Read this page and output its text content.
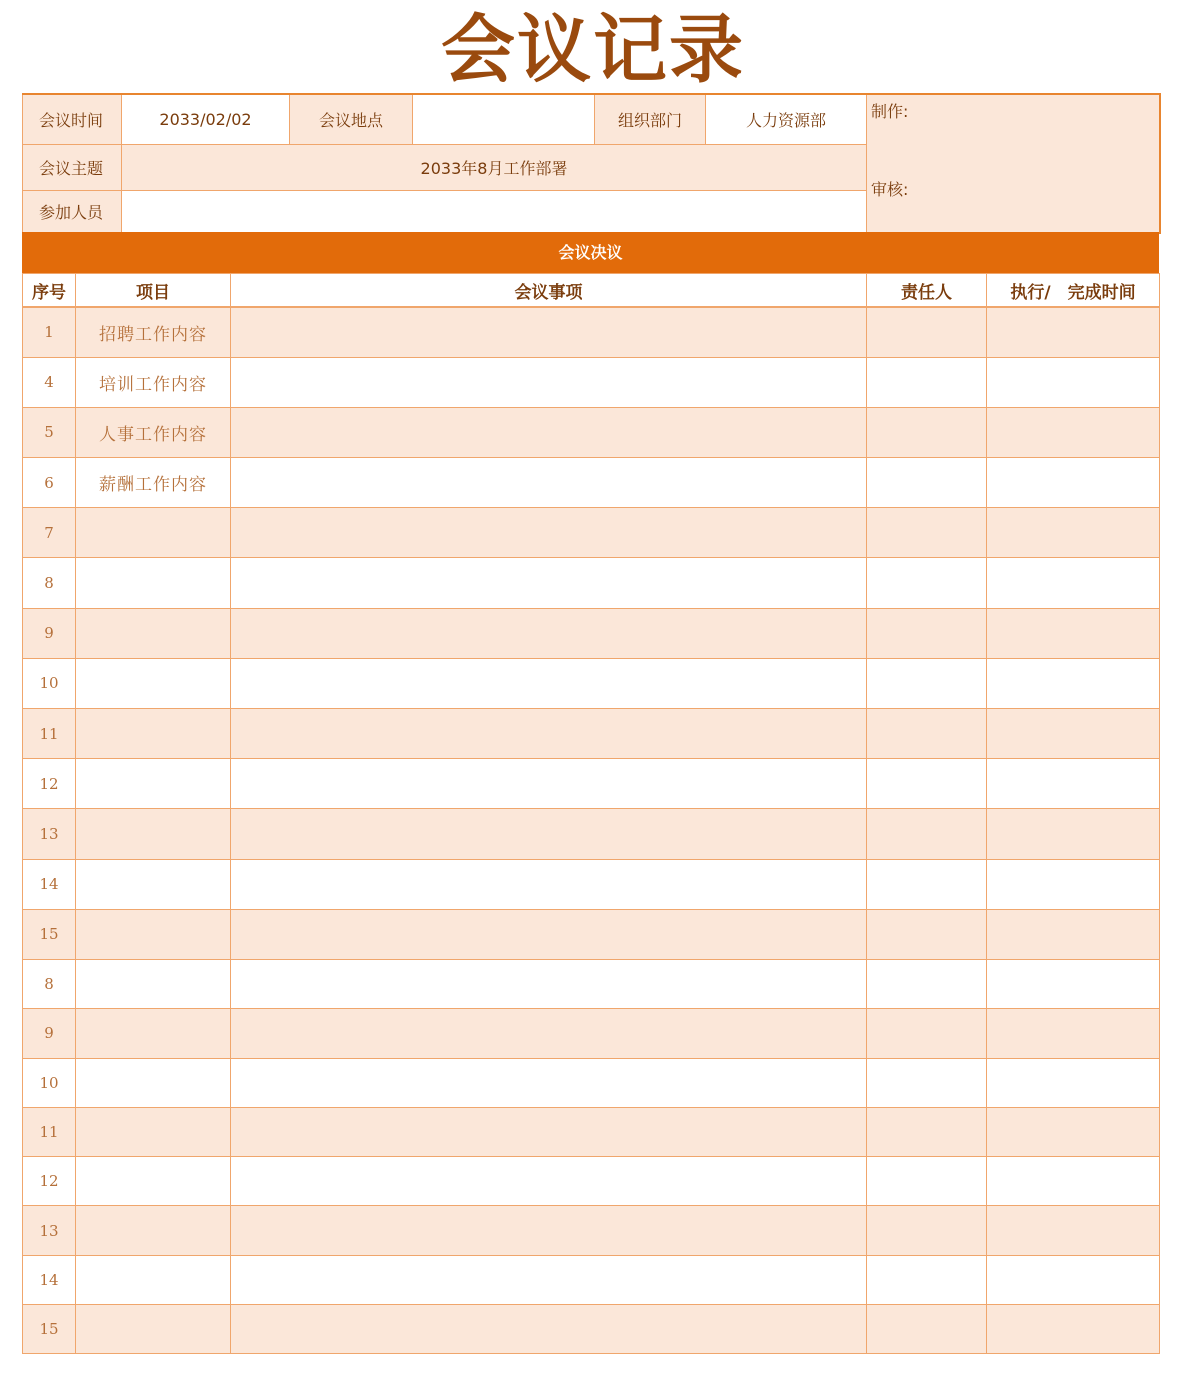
会议记录
会议时间	2033/02/02	会议地点		组织部门	人力资源部	制作:
审核:

会议主题	2033年8月工作部署					
参加人员						
会议决议
序号	项目	会议事项	责任人	执行/　完成时间
1	招聘工作内容			
4	培训工作内容			
5	人事工作内容			
6	薪酬工作内容			
7				
8				
9				
10				
11				
12				
13				
14				
15				
8				
9				
10				
11				
12				
13				
14				
15				
